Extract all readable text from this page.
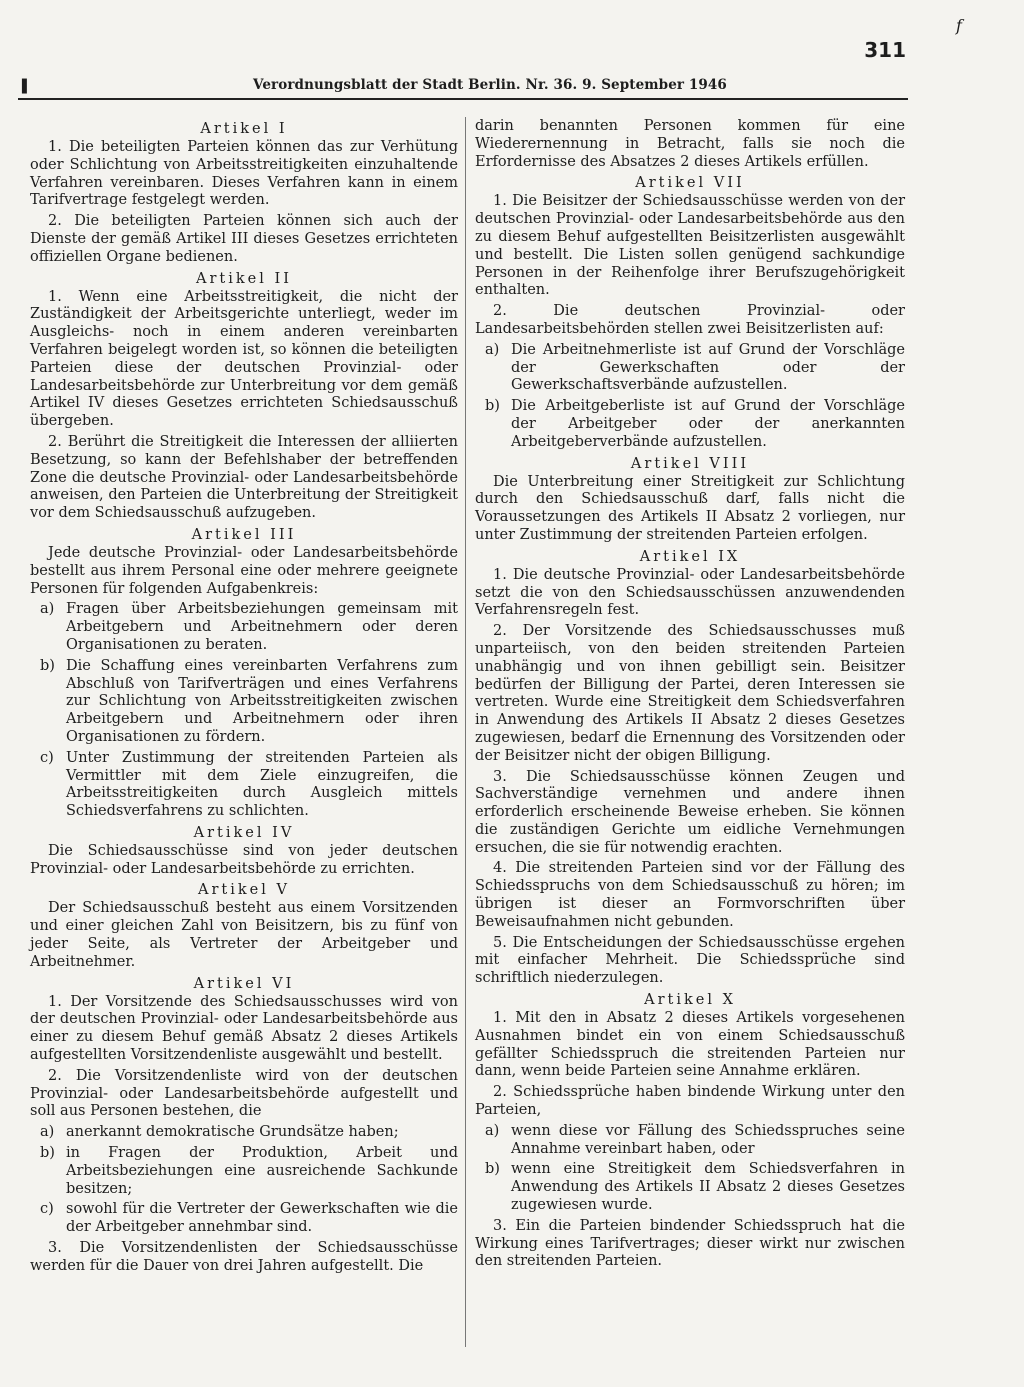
f
311
❚	Verordnungsblatt der Stadt Berlin. Nr. 36. 9. September 1946
Artikel I

1. Die beteiligten Parteien können das zur Verhütung oder Schlichtung von Arbeitsstreitigkeiten einzuhaltende Verfahren vereinbaren. Dieses Verfahren kann in einem Tarifvertrage festgelegt werden.

2. Die beteiligten Parteien können sich auch der Dienste der gemäß Artikel III dieses Gesetzes errichteten offiziellen Organe bedienen.

Artikel II

1. Wenn eine Arbeitsstreitigkeit, die nicht der Zuständigkeit der Arbeitsgerichte unterliegt, weder im Ausgleichs- noch in einem anderen vereinbarten Verfahren beigelegt worden ist, so können die beteiligten Parteien diese der deutschen Provinzial- oder Landesarbeitsbehörde zur Unterbreitung vor dem gemäß Artikel IV dieses Gesetzes errichteten Schiedsausschuß übergeben.

2. Berührt die Streitigkeit die Interessen der alliierten Besetzung, so kann der Befehlshaber der betreffenden Zone die deutsche Provinzial- oder Landesarbeitsbehörde anweisen, den Parteien die Unterbreitung der Streitigkeit vor dem Schiedsausschuß aufzugeben.

Artikel III

Jede deutsche Provinzial- oder Landesarbeitsbehörde bestellt aus ihrem Personal eine oder mehrere geeignete Personen für folgenden Aufgabenkreis:

a) Fragen über Arbeitsbeziehungen gemeinsam mit Arbeitgebern und Arbeitnehmern oder deren Organisationen zu beraten.
b) Die Schaffung eines vereinbarten Verfahrens zum Abschluß von Tarifverträgen und eines Verfahrens zur Schlichtung von Arbeitsstreitigkeiten zwischen Arbeitgebern und Arbeitnehmern oder ihren Organisationen zu fördern.
c) Unter Zustimmung der streitenden Parteien als Vermittler mit dem Ziele einzugreifen, die Arbeitsstreitigkeiten durch Ausgleich mittels Schiedsverfahrens zu schlichten.
Artikel IV

Die Schiedsausschüsse sind von jeder deutschen Provinzial- oder Landesarbeitsbehörde zu errichten.

Artikel V

Der Schiedsausschuß besteht aus einem Vorsitzenden und einer gleichen Zahl von Beisitzern, bis zu fünf von jeder Seite, als Vertreter der Arbeitgeber und Arbeitnehmer.

Artikel VI

1. Der Vorsitzende des Schiedsausschusses wird von der deutschen Provinzial- oder Landesarbeitsbehörde aus einer zu diesem Behuf gemäß Absatz 2 dieses Artikels aufgestellten Vorsitzendenliste ausgewählt und bestellt.

2. Die Vorsitzendenliste wird von der deutschen Provinzial- oder Landesarbeitsbehörde aufgestellt und soll aus Personen bestehen, die

a) anerkannt demokratische Grundsätze haben;
b) in Fragen der Produktion, Arbeit und Arbeitsbeziehungen eine ausreichende Sachkunde besitzen;
c) sowohl für die Vertreter der Gewerkschaften wie die der Arbeitgeber annehmbar sind.

3. Die Vorsitzendenlisten der Schiedsausschüsse werden für die Dauer von drei Jahren aufgestellt. Die

darin benannten Personen kommen für eine Wiederernennung in Betracht, falls sie noch die Erfordernisse des Absatzes 2 dieses Artikels erfüllen.

Artikel VII

1. Die Beisitzer der Schiedsausschüsse werden von der deutschen Provinzial- oder Landesarbeitsbehörde aus den zu diesem Behuf aufgestellten Beisitzerlisten ausgewählt und bestellt. Die Listen sollen genügend sachkundige Personen in der Reihenfolge ihrer Berufszugehörigkeit enthalten.

2. Die deutschen Provinzial- oder Landesarbeitsbehörden stellen zwei Beisitzerlisten auf:

a) Die Arbeitnehmerliste ist auf Grund der Vorschläge der Gewerkschaften oder der Gewerkschaftsverbände aufzustellen.
b) Die Arbeitgeberliste ist auf Grund der Vorschläge der Arbeitgeber oder der anerkannten Arbeitgeberverbände aufzustellen.
Artikel VIII

Die Unterbreitung einer Streitigkeit zur Schlichtung durch den Schiedsausschuß darf, falls nicht die Voraussetzungen des Artikels II Absatz 2 vorliegen, nur unter Zustimmung der streitenden Parteien erfolgen.

Artikel IX

1. Die deutsche Provinzial- oder Landesarbeitsbehörde setzt die von den Schiedsausschüssen anzuwendenden Verfahrensregeln fest.

2. Der Vorsitzende des Schiedsausschusses muß unparteiisch, von den beiden streitenden Parteien unabhängig und von ihnen gebilligt sein. Beisitzer bedürfen der Billigung der Partei, deren Interessen sie vertreten. Wurde eine Streitigkeit dem Schiedsverfahren in Anwendung des Artikels II Absatz 2 dieses Gesetzes zugewiesen, bedarf die Ernennung des Vorsitzenden oder der Beisitzer nicht der obigen Billigung.

3. Die Schiedsausschüsse können Zeugen und Sachverständige vernehmen und andere ihnen erforderlich erscheinende Beweise erheben. Sie können die zuständigen Gerichte um eidliche Vernehmungen ersuchen, die sie für notwendig erachten.

4. Die streitenden Parteien sind vor der Fällung des Schiedsspruchs von dem Schiedsausschuß zu hören; im übrigen ist dieser an Formvorschriften über Beweisaufnahmen nicht gebunden.

5. Die Entscheidungen der Schiedsausschüsse ergehen mit einfacher Mehrheit. Die Schiedssprüche sind schriftlich niederzulegen.

Artikel X

1. Mit den in Absatz 2 dieses Artikels vorgesehenen Ausnahmen bindet ein von einem Schiedsausschuß gefällter Schiedsspruch die streitenden Parteien nur dann, wenn beide Parteien seine Annahme erklären.

2. Schiedssprüche haben bindende Wirkung unter den Parteien,

a) wenn diese vor Fällung des Schiedsspruches seine Annahme vereinbart haben, oder
b) wenn eine Streitigkeit dem Schiedsverfahren in Anwendung des Artikels II Absatz 2 dieses Gesetzes zugewiesen wurde.

3. Ein die Parteien bindender Schiedsspruch hat die Wirkung eines Tarifvertrages; dieser wirkt nur zwischen den streitenden Parteien.
